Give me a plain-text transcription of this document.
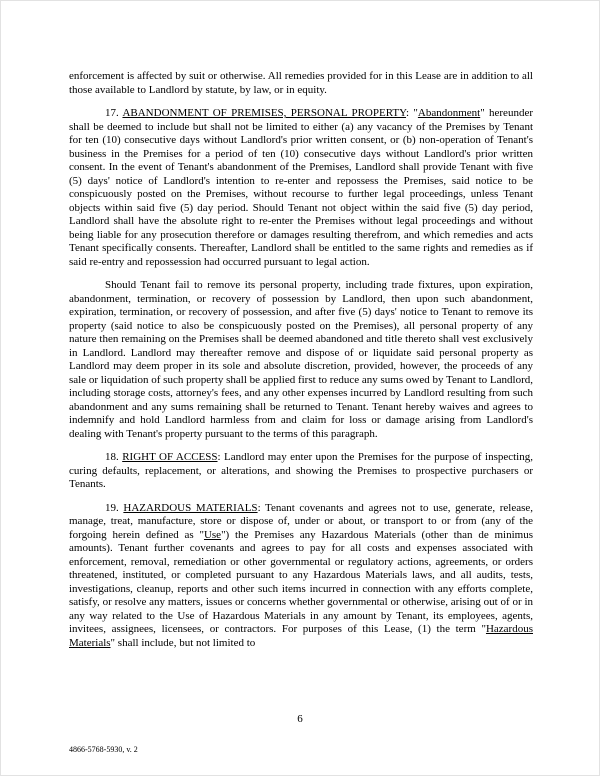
enforcement is affected by suit or otherwise. All remedies provided for in this Lease are in addition to all those available to Landlord by statute, by law, or in equity.

17. ABANDONMENT OF PREMISES, PERSONAL PROPERTY: "Abandonment" hereunder shall be deemed to include but shall not be limited to either (a) any vacancy of the Premises by Tenant for ten (10) consecutive days without Landlord's prior written consent, or (b) non-operation of Tenant's business in the Premises for a period of ten (10) consecutive days without Landlord's prior written consent. In the event of Tenant's abandonment of the Premises, Landlord shall provide Tenant with five (5) days' notice of Landlord's intention to re-enter and repossess the Premises, said notice to be conspicuously posted on the Premises, without recourse to further legal proceedings, unless Tenant objects within said five (5) day period. Should Tenant not object within the said five (5) day period, Landlord shall have the absolute right to re-enter the Premises without legal proceedings and without being liable for any prosecution therefore or damages resulting therefrom, and which remedies and acts Tenant specifically consents. Thereafter, Landlord shall be entitled to the same rights and remedies as if said re-entry and repossession had occurred pursuant to legal action.

Should Tenant fail to remove its personal property, including trade fixtures, upon expiration, abandonment, termination, or recovery of possession by Landlord, then upon such abandonment, expiration, termination, or recovery of possession, and after five (5) days' notice to Tenant to remove its property (said notice to also be conspicuously posted on the Premises), all personal property of any nature then remaining on the Premises shall be deemed abandoned and title thereto shall vest exclusively in Landlord. Landlord may thereafter remove and dispose of or liquidate said personal property as Landlord may deem proper in its sole and absolute discretion, provided, however, the proceeds of any sale or liquidation of such property shall be applied first to reduce any sums owed by Tenant to Landlord, including storage costs, attorney's fees, and any other expenses incurred by Landlord resulting from such abandonment and any sums remaining shall be returned to Tenant. Tenant hereby waives and agrees to indemnify and hold Landlord harmless from and claim for loss or damage arising from Landlord's dealing with Tenant's property pursuant to the terms of this paragraph.

18. RIGHT OF ACCESS: Landlord may enter upon the Premises for the purpose of inspecting, curing defaults, replacement, or alterations, and showing the Premises to prospective purchasers or Tenants.

19. HAZARDOUS MATERIALS: Tenant covenants and agrees not to use, generate, release, manage, treat, manufacture, store or dispose of, under or about, or transport to or from (any of the forgoing herein defined as "Use") the Premises any Hazardous Materials (other than de minimus amounts). Tenant further covenants and agrees to pay for all costs and expenses associated with enforcement, removal, remediation or other governmental or regulatory actions, agreements, or orders threatened, instituted, or completed pursuant to any Hazardous Materials laws, and all audits, tests, investigations, cleanup, reports and other such items incurred in connection with any efforts complete, satisfy, or resolve any matters, issues or concerns whether governmental or otherwise, arising out of or in any way related to the Use of Hazardous Materials in any amount by Tenant, its employees, agents, invitees, assignees, licensees, or contractors. For purposes of this Lease, (1) the term "Hazardous Materials" shall include, but not limited to

6
4866-5768-5930, v. 2
